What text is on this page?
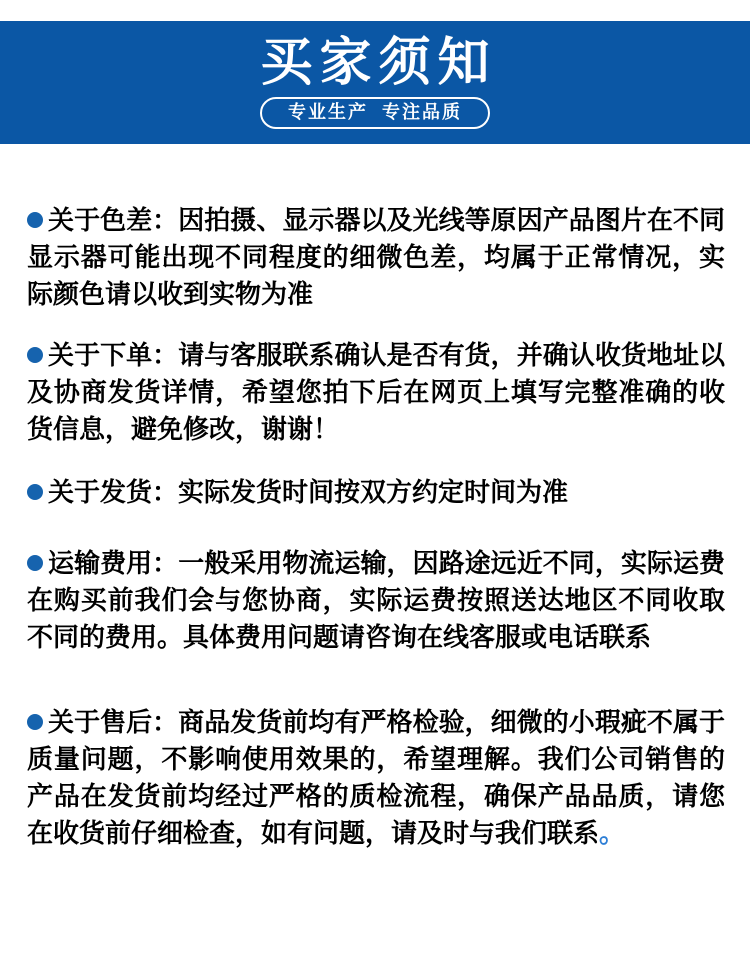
买家须知
专业生产  专注品质

关于色差：因拍摄、显示器以及光线等原因产品图片在不同显示器可能出现不同程度的细微色差，均属于正常情况，实际颜色请以收到实物为准

关于下单：请与客服联系确认是否有货，并确认收货地址以及协商发货详情，希望您拍下后在网页上填写完整准确的收货信息，避免修改，谢谢！

关于发货：实际发货时间按双方约定时间为准

运输费用：一般采用物流运输，因路途远近不同，实际运费在购买前我们会与您协商，实际运费按照送达地区不同收取不同的费用。具体费用问题请咨询在线客服或电话联系

关于售后：商品发货前均有严格检验，细微的小瑕疵不属于质量问题，不影响使用效果的，希望理解。我们公司销售的产品在发货前均经过严格的质检流程，确保产品品质，请您在收货前仔细检查，如有问题，请及时与我们联系。
